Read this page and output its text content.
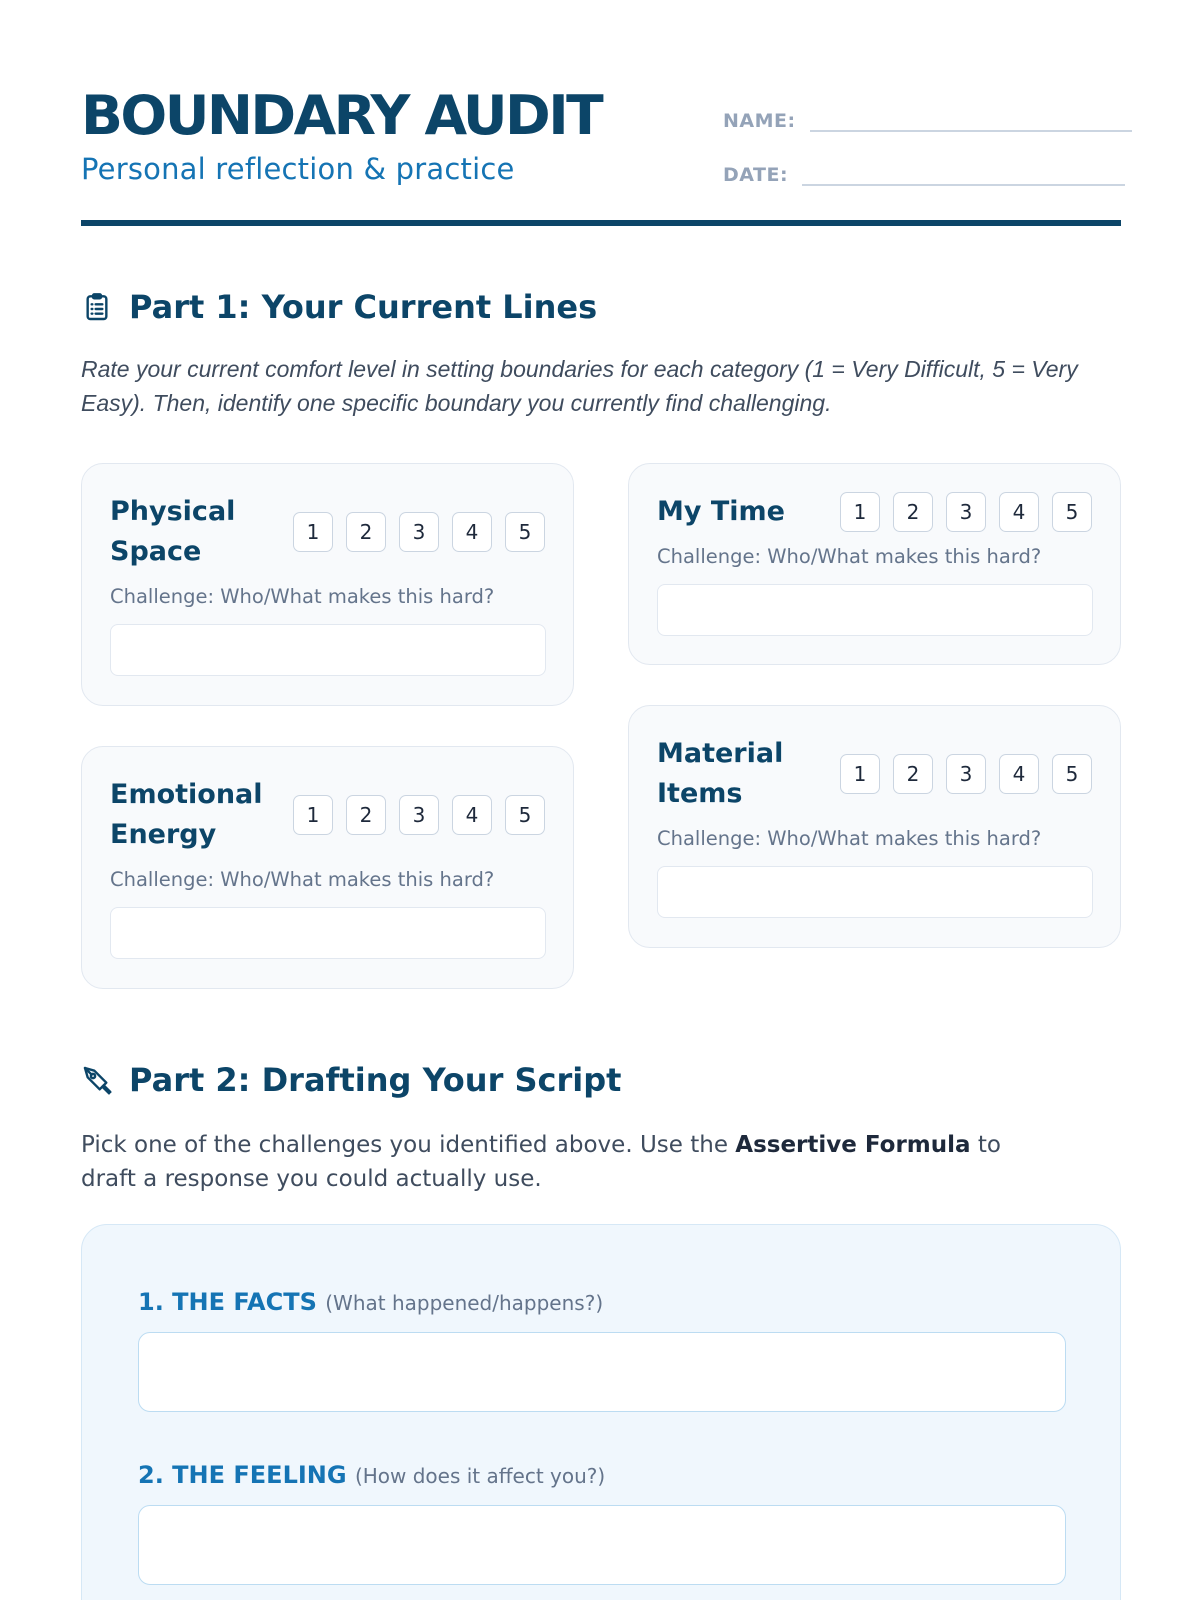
BOUNDARY AUDIT
Personal reflection & practice
NAME:
DATE:
Part 1: Your Current Lines
Rate your current comfort level in setting boundaries for each category (1 = Very Difficult, 5 = Very Easy). Then, identify one specific boundary you currently find challenging.
Physical
Space
1	2	3	4	5
Challenge: Who/What makes this hard?
My Time	1	2	3	4	5
Challenge: Who/What makes this hard?
Emotional
Energy
1	2	3	4	5
Challenge: Who/What makes this hard?
Material
Items
1	2	3	4	5
Challenge: Who/What makes this hard?
Part 2: Drafting Your Script
Pick one of the challenges you identified above. Use the Assertive Formula to draft a response you could actually use.
1. THE FACTS (What happened/happens?)
2. THE FEELING (How does it affect you?)
